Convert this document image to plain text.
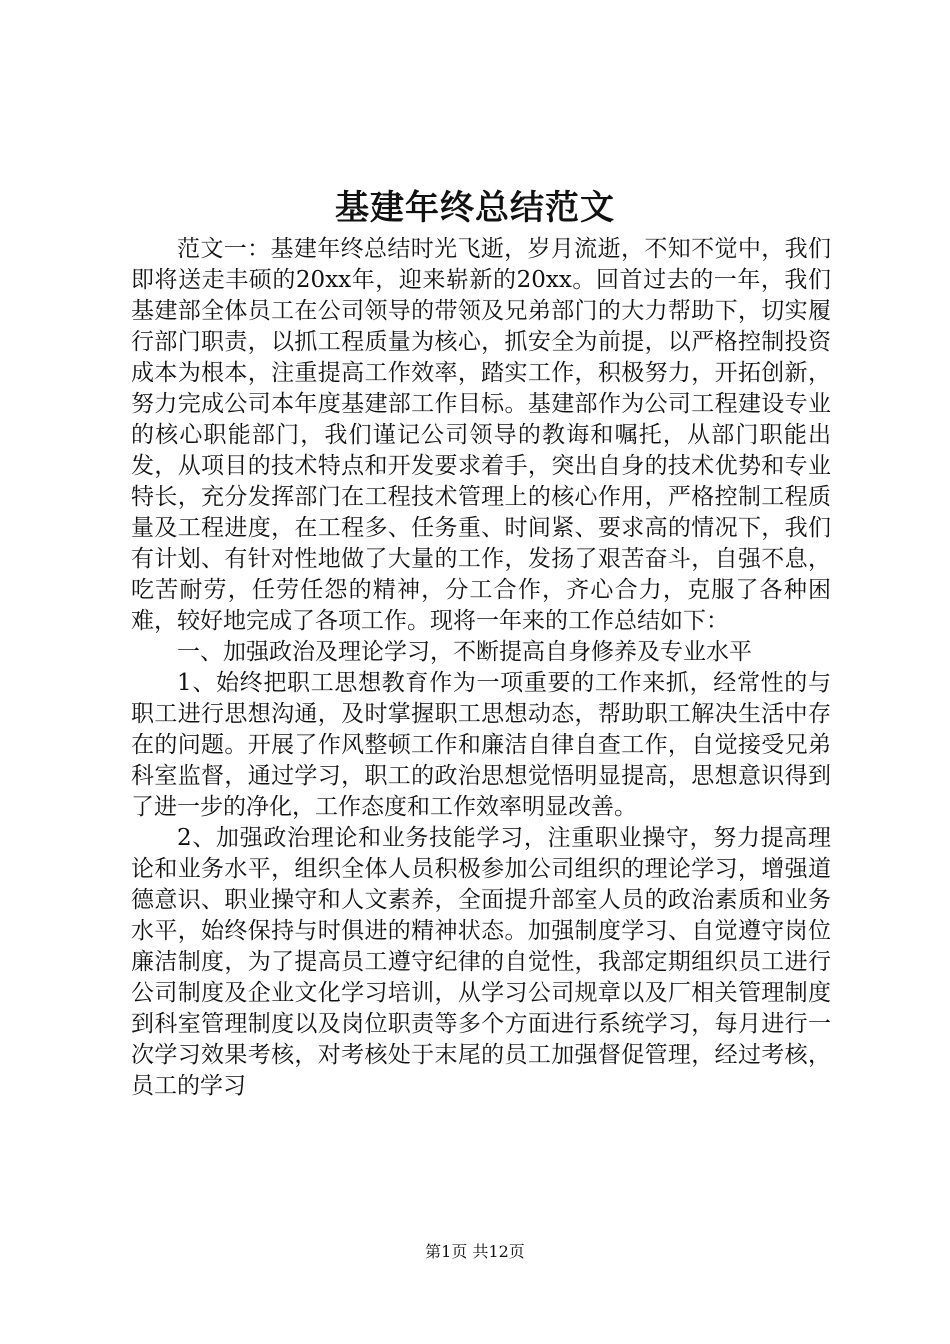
基建年终总结范文

范文一：基建年终总结时光飞逝，岁月流逝，不知不觉中，我们即将送走丰硕的20xx年，迎来崭新的20xx。回首过去的一年，我们基建部全体员工在公司领导的带领及兄弟部门的大力帮助下，切实履行部门职责，以抓工程质量为核心，抓安全为前提，以严格控制投资成本为根本，注重提高工作效率，踏实工作，积极努力，开拓创新，努力完成公司本年度基建部工作目标。基建部作为公司工程建设专业的核心职能部门，我们谨记公司领导的教诲和嘱托，从部门职能出发，从项目的技术特点和开发要求着手，突出自身的技术优势和专业特长，充分发挥部门在工程技术管理上的核心作用，严格控制工程质量及工程进度，在工程多、任务重、时间紧、要求高的情况下，我们有计划、有针对性地做了大量的工作，发扬了艰苦奋斗，自强不息，吃苦耐劳，任劳任怨的精神，分工合作，齐心合力，克服了各种困难，较好地完成了各项工作。现将一年来的工作总结如下：

一、加强政治及理论学习，不断提高自身修养及专业水平

1、始终把职工思想教育作为一项重要的工作来抓，经常性的与职工进行思想沟通，及时掌握职工思想动态，帮助职工解决生活中存在的问题。开展了作风整顿工作和廉洁自律自查工作，自觉接受兄弟科室监督，通过学习，职工的政治思想觉悟明显提高，思想意识得到了进一步的净化，工作态度和工作效率明显改善。

2、加强政治理论和业务技能学习，注重职业操守，努力提高理论和业务水平，组织全体人员积极参加公司组织的理论学习，增强道德意识、职业操守和人文素养，全面提升部室人员的政治素质和业务水平，始终保持与时俱进的精神状态。加强制度学习、自觉遵守岗位廉洁制度，为了提高员工遵守纪律的自觉性，我部定期组织员工进行公司制度及企业文化学习培训，从学习公司规章以及厂相关管理制度到科室管理制度以及岗位职责等多个方面进行系统学习，每月进行一次学习效果考核，对考核处于末尾的员工加强督促管理，经过考核，员工的学习

第1页 共12页
